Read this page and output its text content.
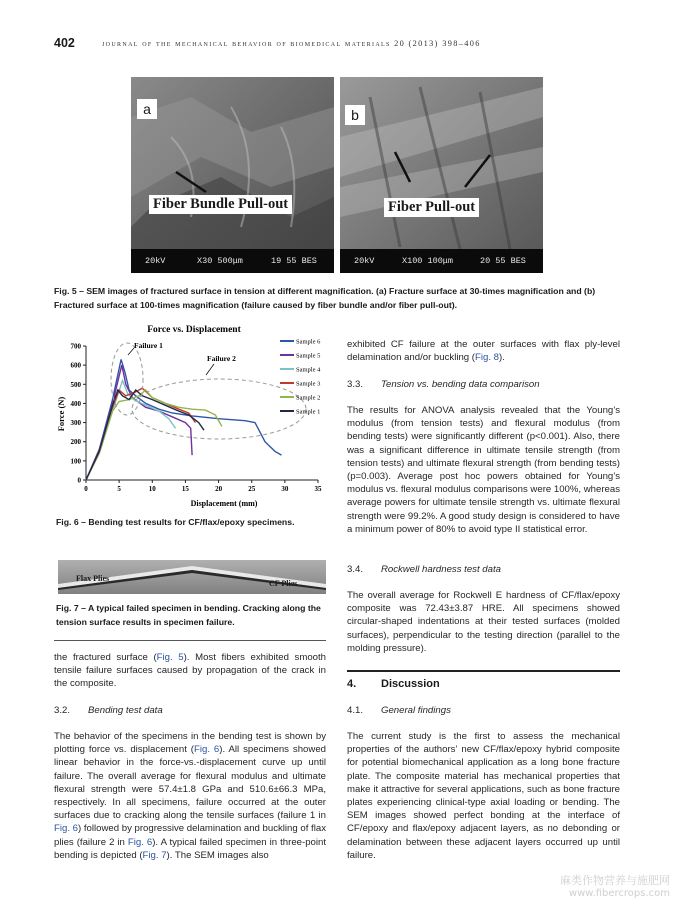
402	journal of the mechanical behavior of biomedical materials 20 (2013) 398–406
a
Fiber Bundle Pull-out
20kV	X30 500μm	19 55 BES
b
Fiber Pull-out
20kV	X100 100μm	20 55 BES
Fig. 5 – SEM images of fractured surface in tension at different magnification. (a) Fracture surface at 30-times magnification and (b) Fractured surface at 100-times magnification (failure caused by fiber bundle and/or fiber pull-out).
Force vs. Displacement
Force (N)
Displacement (mm)
0	5	10	15	20	25	30	35
0
100
200
300
400
500
600
700	Failure 1
Failure 2
Sample 6
Sample 5
Sample 4
Sample 3
Sample 2
Sample 1
Fig. 6 – Bending test results for CF/flax/epoxy specimens.
Flax Plies
CF Plies
Fig. 7 – A typical failed specimen in bending. Cracking along the tension surface results in specimen failure.
the fractured surface (Fig. 5). Most fibers exhibited smooth tensile failure surfaces caused by propagation of the crack in the composite.
3.2. Bending test data
The behavior of the specimens in the bending test is shown by plotting force vs. displacement (Fig. 6). All specimens showed linear behavior in the force-vs.-displacement curve up until failure. The overall average for flexural modulus and ultimate flexural strength were 57.4±1.8 GPa and 510.6±66.3 MPa, respectively. In all specimens, failure occurred at the outer surfaces due to cracking along the tensile surfaces (failure 1 in Fig. 6) followed by progressive delamination and buckling of flax plies (failure 2 in Fig. 6). A typical failed specimen in three-point bending is depicted (Fig. 7). The SEM images also
exhibited CF failure at the outer surfaces with flax ply-level delamination and/or buckling (Fig. 8).
3.3. Tension vs. bending data comparison
The results for ANOVA analysis revealed that the Young’s modulus (from tension tests) and flexural modulus (from bending tests) were significantly different (p<0.001). Also, there was a significant difference in ultimate tensile strength (from tension tests) and ultimate flexural strength (from bending tests) (p=0.003). Average post hoc powers obtained for Young’s modulus vs. flexural modulus comparisons were 100%, whereas average powers for ultimate tensile strength vs. ultimate flexural strength were 99.2%. A good study design is considered to have a minimum power of 80% to avoid type II statistical error.
3.4. Rockwell hardness test data
The overall average for Rockwell E hardness of CF/flax/epoxy composite was 72.43±3.87 HRE. All specimens showed circular-shaped indentations at their tested surfaces (molded surfaces), perpendicular to the testing direction (parallel to the molding pressure).
4. Discussion
4.1. General findings
The current study is the first to assess the mechanical properties of the authors’ new CF/flax/epoxy hybrid composite for potential biomechanical application as a long bone fracture plate. The composite material has mechanical properties that make it attractive for several applications, such as bone fracture plates experiencing clinical-type axial loading or bending. The SEM images showed perfect bonding at the interface of CF/epoxy and flax/epoxy adjacent layers, as no debonding or delamination between these adjacent layers occurred up until failure.
麻类作物营养与施肥网
www.fibercrops.com
